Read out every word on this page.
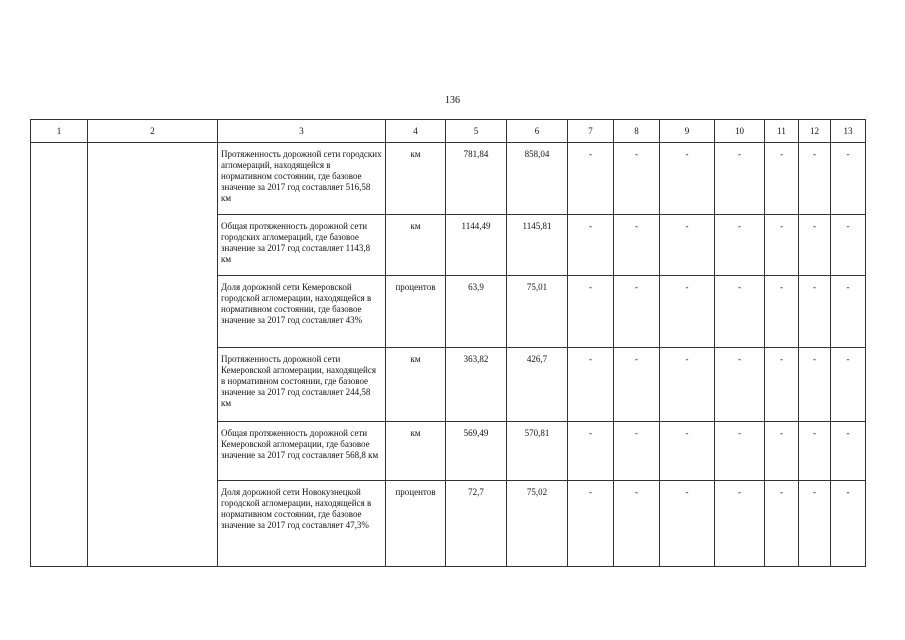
136
1	2	3	4	5	6	7	8	9	10	11	12	13
		Протяженность дорожной сети городских агломераций, находящейся в нормативном состоянии, где базовое значение за 2017 год составляет 516,58 км	км	781,84	858,04	-	-	-	-	-	-	-
		Общая протяженность дорожной сети городских агломераций, где базовое значение за 2017 год составляет 1143,8 км	км	1144,49	1145,81	-	-	-	-	-	-	-
		Доля дорожной сети Кемеровской городской агломерации, находящейся в нормативном состоянии, где базовое значение за 2017 год составляет 43%	процентов	63,9	75,01	-	-	-	-	-	-	-
		Протяженность дорожной сети Кемеровской агломерации, находящейся в нормативном состоянии, где базовое значение за 2017 год составляет 244,58 км	км	363,82	426,7	-	-	-	-	-	-	-
		Общая протяженность дорожной сети Кемеровской агломерации, где базовое значение за 2017 год составляет 568,8 км	км	569,49	570,81	-	-	-	-	-	-	-
		Доля дорожной сети Новокузнецкой городской агломерации, находящейся в нормативном состоянии, где базовое значение за 2017 год составляет 47,3%	процентов	72,7	75,02	-	-	-	-	-	-	-
